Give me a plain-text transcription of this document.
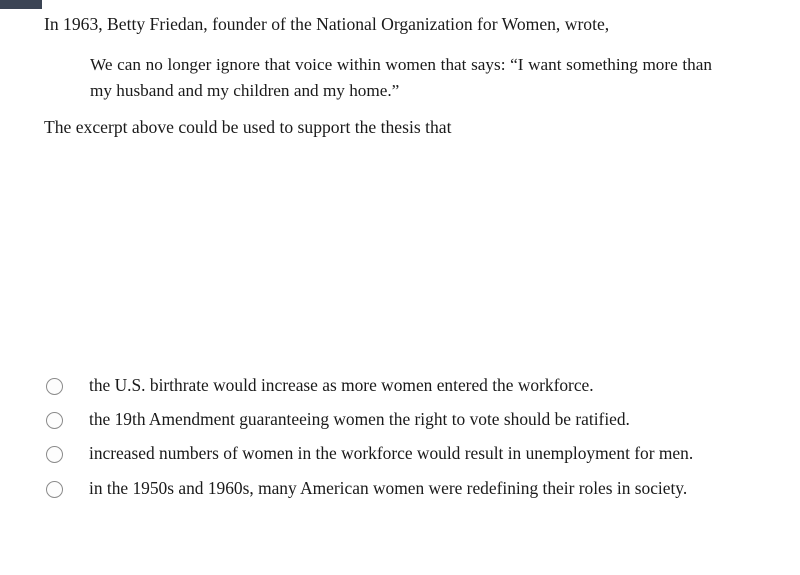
In 1963, Betty Friedan, founder of the National Organization for Women, wrote,
We can no longer ignore that voice within women that says: “I want something more than my husband and my children and my home.”
The excerpt above could be used to support the thesis that
the U.S. birthrate would increase as more women entered the workforce.
the 19th Amendment guaranteeing women the right to vote should be ratified.
increased numbers of women in the workforce would result in unemployment for men.
in the 1950s and 1960s, many American women were redefining their roles in society.
